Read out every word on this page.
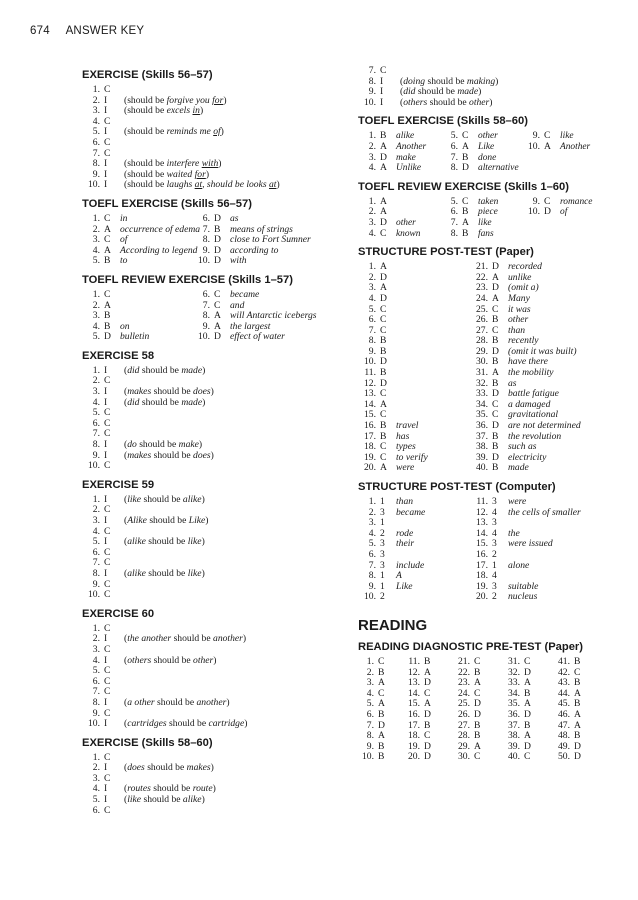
674 ANSWER KEY
EXERCISE (Skills 56–57)
1. C
2. I	(should be forgive you for)
3. I	(should be excels in)
4. C
5. I	(should be reminds me of)
6. C
7. C
8. I	(should be interfere with)
9. I	(should be waited for)
10. I	(should be laughs at, should be looks at)
TOEFL EXERCISE (Skills 56–57)
1. C in	6. D as
2. A occurrence of edema 7. B means of strings
3. C of	8. D close to Fort Sumner
4. A According to legend 9. D according to
5. B to	10. D with
TOEFL REVIEW EXERCISE (Skills 1–57)
1. C	6. C became
2. A	7. C and
3. B	8. A will Antarctic icebergs
4. B on	9. A the largest
5. D bulletin	10. D effect of water
EXERCISE 58
1. I	(did should be made)
2. C
3. I	(makes should be does)
4. I	(did should be made)
5. C
6. C
7. C
8. I	(do should be make)
9. I	(makes should be does)
10. C
EXERCISE 59
1. I	(like should be alike)
2. C
3. I	(Alike should be Like)
4. C
5. I	(alike should be like)
6. C
7. C
8. I	(alike should be like)
9. C
10. C
EXERCISE 60
1. C
2. I	(the another should be another)
3. C
4. I	(others should be other)
5. C
6. C
7. C
8. I	(a other should be another)
9. C
10. I	(cartridges should be cartridge)
EXERCISE (Skills 58–60)
1. C
2. I	(does should be makes)
3. C
4. I	(routes should be route)
5. I	(like should be alike)
6. C
7. C
8. I	(doing should be making)
9. I	(did should be made)
10. I	(others should be other)
TOEFL EXERCISE (Skills 58–60)
1. B	alike	5. C	other	9. C	like
2. A Another	6. A Like	10. A Another
3. D make	7. B	done
4. A Unlike	8. D alternative
TOEFL REVIEW EXERCISE (Skills 1–60)
1. A	5. C	taken	9. C	romance
2. A	6. B	piece	10. D of
3. D other	7. A like
4. C	known	8. B	fans
STRUCTURE POST-TEST (Paper)
1. A	21. D recorded
2. D	22. A unlike
3. A	23. D (omit a)
4. D	24. A Many
5. C	25. C it was
6. C	26. B other
7. C	27. C than
8. B	28. B recently
9. B	29. D (omit it was built)
10. D	30. B have there
11. B	31. A the mobility
12. D	32. B as
13. C	33. D battle fatigue
14. A	34. C a damaged
15. C	35. C gravitational
16. B travel	36. D are not determined
17. B has	37. B the revolution
18. C types	38. B such as
19. C to verify	39. D electricity
20. A were	40. B made
STRUCTURE POST-TEST (Computer)
1. 1	than	11. 3	were
2. 3	became	12. 4	the cells of smaller
3. 1	13. 3
4. 2	rode	14. 4	the
5. 3	their	15. 3	were issued
6. 3	16. 2
7. 3	include	17. 1	alone
8. 1	A	18. 4
9. 1	Like	19. 3	suitable
10. 2	20. 2	nucleus
READING
READING DIAGNOSTIC PRE-TEST (Paper)
1. C	11. B	21. C	31. C	41. B
2. B	12. A	22. B	32. D	42. C
3. A	13. D	23. A	33. A	43. B
4. C	14. C	24. C	34. B	44. A
5. A	15. A	25. D	35. A	45. B
6. B	16. D	26. D	36. D	46. A
7. D	17. B	27. B	37. B	47. A
8. A	18. C	28. B	38. A	48. B
9. B	19. D	29. A	39. D	49. D
10. B	20. D	30. C	40. C	50. D
